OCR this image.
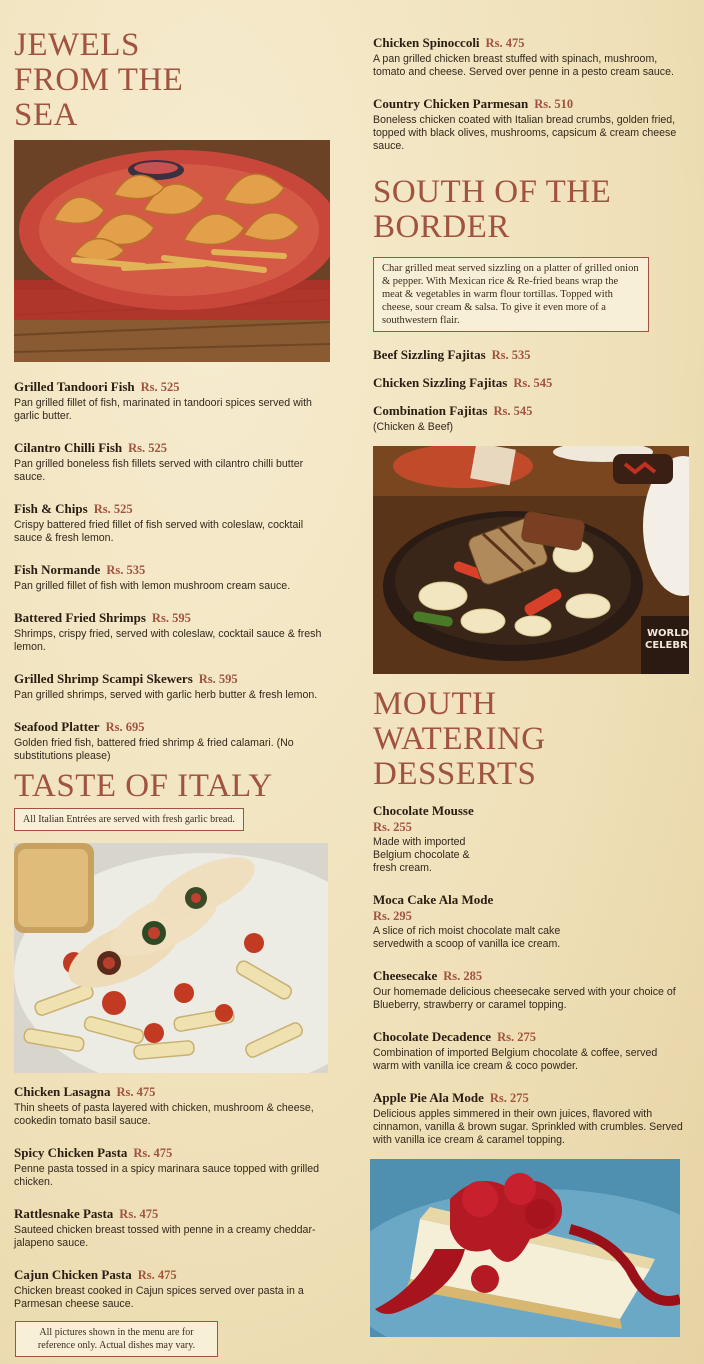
JEWELS
FROM THE
SEA
Grilled Tandoori Fish Rs. 525
Pan grilled fillet of fish, marinated in tandoori spices served with garlic butter.
Cilantro Chilli Fish Rs. 525
Pan grilled boneless fish fillets served with cilantro chilli butter sauce.
Fish & Chips Rs. 525
Crispy battered fried fillet of fish served with coleslaw, cocktail sauce & fresh lemon.
Fish Normande Rs. 535
Pan grilled fillet of fish with lemon mushroom cream sauce.
Battered Fried Shrimps Rs. 595
Shrimps, crispy fried, served with coleslaw, cocktail sauce & fresh lemon.
Grilled Shrimp Scampi Skewers Rs. 595
Pan grilled shrimps, served with garlic herb butter & fresh lemon.
Seafood Platter Rs. 695
Golden fried fish, battered fried shrimp & fried calamari. (No substitutions please)
TASTE OF ITALY
All Italian Entrées are served with fresh garlic bread.
Chicken Lasagna Rs. 475
Thin sheets of pasta layered with chicken, mushroom & cheese, cookedin tomato basil sauce.
Spicy Chicken Pasta Rs. 475
Penne pasta tossed in a spicy marinara sauce topped with grilled chicken.
Rattlesnake Pasta Rs. 475
Sauteed chicken breast tossed with penne in a creamy cheddar-jalapeno sauce.
Cajun Chicken Pasta Rs. 475
Chicken breast cooked in Cajun spices served over pasta in a Parmesan cheese sauce.
All pictures shown in the menu are for reference only. Actual dishes may vary.
Chicken Spinoccoli Rs. 475
A pan grilled chicken breast stuffed with spinach, mushroom, tomato and cheese. Served over penne in a pesto cream sauce.
Country Chicken Parmesan Rs. 510
Boneless chicken coated with Italian bread crumbs, golden fried, topped with black olives, mushrooms, capsicum & cream cheese sauce.
SOUTH OF THE
BORDER
Char grilled meat served sizzling on a platter of grilled onion & pepper. With Mexican rice & Re-fried beans wrap the meat & vegetables in warm flour tortillas. Topped with cheese, sour cream & salsa. To give it even more of a southwestern flair.
Beef Sizzling Fajitas Rs. 535
Chicken Sizzling Fajitas Rs. 545
Combination Fajitas Rs. 545
(Chicken & Beef)
WORLD
CELEBR
MOUTH
WATERING
DESSERTS
Chocolate Mousse
Rs. 255
Made with imported Belgium chocolate & fresh cream.
Moca Cake Ala Mode
Rs. 295
A slice of rich moist chocolate malt cake servedwith a scoop of vanilla ice cream.
Cheesecake Rs. 285
Our homemade delicious cheesecake served with your choice of Blueberry, strawberry or caramel topping.
Chocolate Decadence Rs. 275
Combination of imported Belgium chocolate & coffee, served warm with vanilla ice cream & coco powder.
Apple Pie Ala Mode Rs. 275
Delicious apples simmered in their own juices, flavored with cinnamon, vanilla & brown sugar. Sprinkled with crumbles. Served with vanilla ice cream & caramel topping.
